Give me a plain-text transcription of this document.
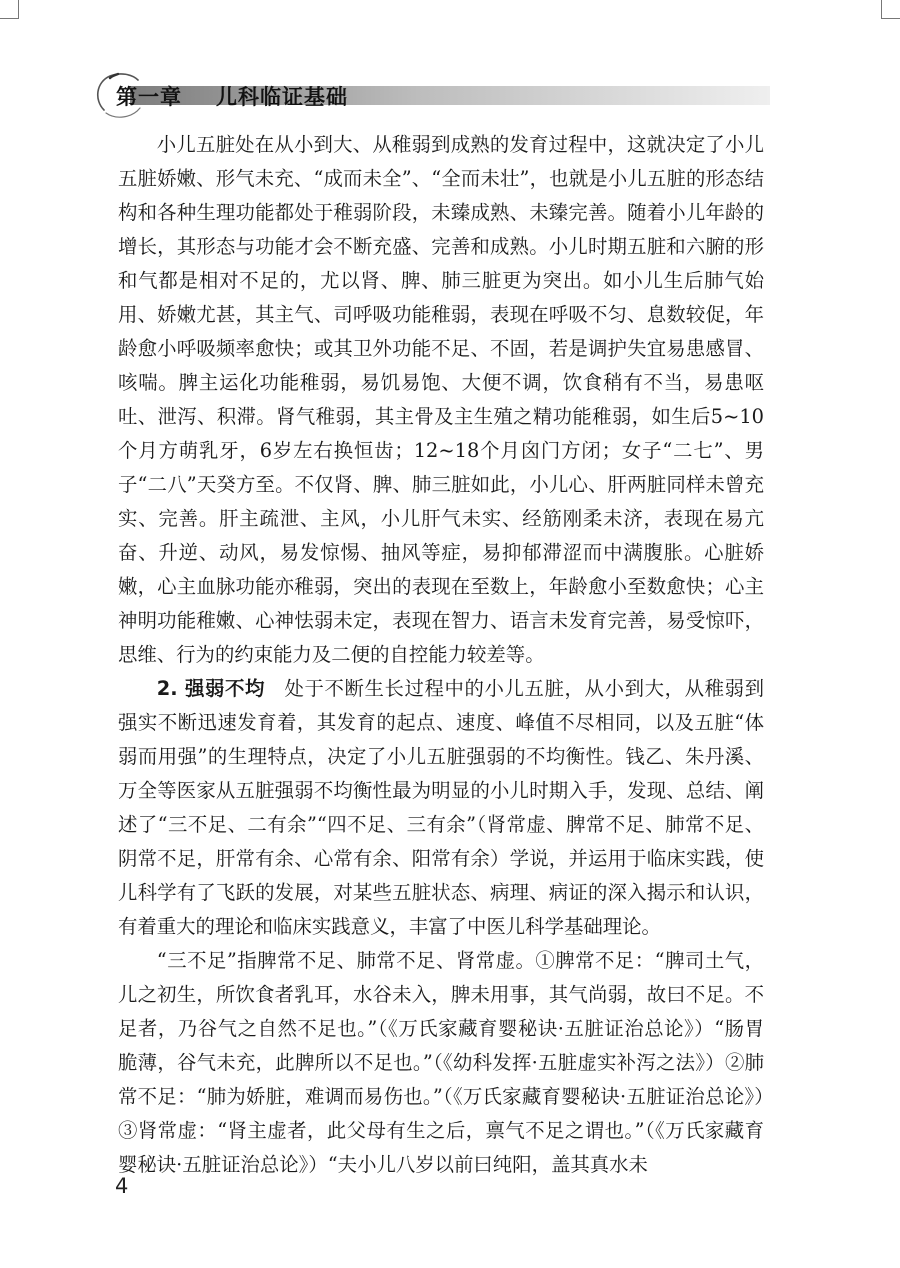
第一章 儿科临证基础

小儿五脏处在从小到大、从稚弱到成熟的发育过程中，这就决定了小儿五脏娇嫩、形气未充、“成而未全”、“全而未壮”，也就是小儿五脏的形态结构和各种生理功能都处于稚弱阶段，未臻成熟、未臻完善。随着小儿年龄的增长，其形态与功能才会不断充盛、完善和成熟。小儿时期五脏和六腑的形和气都是相对不足的，尤以肾、脾、肺三脏更为突出。如小儿生后肺气始用、娇嫩尤甚，其主气、司呼吸功能稚弱，表现在呼吸不匀、息数较促，年龄愈小呼吸频率愈快；或其卫外功能不足、不固，若是调护失宜易患感冒、咳喘。脾主运化功能稚弱，易饥易饱、大便不调，饮食稍有不当，易患呕吐、泄泻、积滞。肾气稚弱，其主骨及主生殖之精功能稚弱，如生后5~10个月方萌乳牙，6岁左右换恒齿；12~18个月囟门方闭；女子“二七”、男子“二八”天癸方至。不仅肾、脾、肺三脏如此，小儿心、肝两脏同样未曾充实、完善。肝主疏泄、主风，小儿肝气未实、经筋刚柔未济，表现在易亢奋、升逆、动风，易发惊惕、抽风等症，易抑郁滞涩而中满腹胀。心脏娇嫩，心主血脉功能亦稚弱，突出的表现在至数上，年龄愈小至数愈快；心主神明功能稚嫩、心神怯弱未定，表现在智力、语言未发育完善，易受惊吓，思维、行为的约束能力及二便的自控能力较差等。

2. 强弱不均 处于不断生长过程中的小儿五脏，从小到大，从稚弱到强实不断迅速发育着，其发育的起点、速度、峰值不尽相同，以及五脏“体弱而用强”的生理特点，决定了小儿五脏强弱的不均衡性。钱乙、朱丹溪、万全等医家从五脏强弱不均衡性最为明显的小儿时期入手，发现、总结、阐述了“三不足、二有余”“四不足、三有余”（肾常虚、脾常不足、肺常不足、阴常不足，肝常有余、心常有余、阳常有余）学说，并运用于临床实践，使儿科学有了飞跃的发展，对某些五脏状态、病理、病证的深入揭示和认识，有着重大的理论和临床实践意义，丰富了中医儿科学基础理论。

“三不足”指脾常不足、肺常不足、肾常虚。①脾常不足：“脾司土气，儿之初生，所饮食者乳耳，水谷未入，脾未用事，其气尚弱，故曰不足。不足者，乃谷气之自然不足也。”（《万氏家藏育婴秘诀·五脏证治总论》）“肠胃脆薄，谷气未充，此脾所以不足也。”（《幼科发挥·五脏虚实补泻之法》）②肺常不足：“肺为娇脏，难调而易伤也。”（《万氏家藏育婴秘诀·五脏证治总论》）③肾常虚：“肾主虚者，此父母有生之后，禀气不足之谓也。”（《万氏家藏育婴秘诀·五脏证治总论》）“夫小儿八岁以前曰纯阳，盖其真水未

4
